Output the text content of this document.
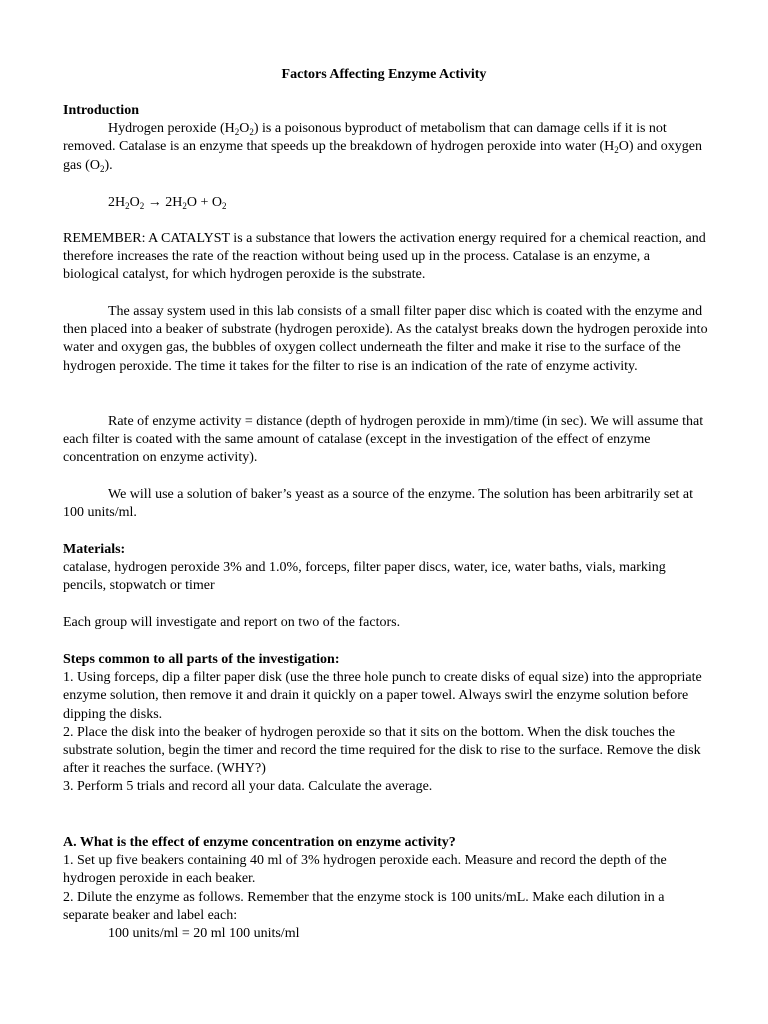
Factors Affecting Enzyme Activity

Introduction

Hydrogen peroxide $(H_2O_2)$ is a poisonous byproduct of metabolism that can damage cells if it is not removed. Catalase is an enzyme that speeds up the breakdown of hydrogen peroxide into water $(H_2O)$ and oxygen gas $(O_2)$.

$2H_2O_2 \to 2H_2O + O_2$

REMEMBER: A CATALYST is a substance that lowers the activation energy required for a chemical reaction, and therefore increases the rate of the reaction without being used up in the process. Catalase is an enzyme, a biological catalyst, for which hydrogen peroxide is the substrate.
The assay system used in this lab consists of a small filter paper disc which is coated with the enzyme and then placed into a beaker of substrate (hydrogen peroxide). As the catalyst breaks down the hydrogen peroxide into water and oxygen gas, the bubbles of oxygen collect underneath the filter and make it rise to the surface of the hydrogen peroxide. The time it takes for the filter to rise is an indication of the rate of enzyme activity.
Rate of enzyme activity = distance (depth of hydrogen peroxide in mm)/time (in sec). We will assume that each filter is coated with the same amount of catalase (except in the investigation of the effect of enzyme concentration on enzyme activity).
We will use a solution of baker’s yeast as a source of the enzyme. The solution has been arbitrarily set at 100 units/ml.

Materials:

catalase, hydrogen peroxide 3% and 1.0%, forceps, filter paper discs, water, ice, water baths, vials, marking pencils, stopwatch or timer

Each group will investigate and report on two of the factors.

Steps common to all parts of the investigation:

1. Using forceps, dip a filter paper disk (use the three hole punch to create disks of equal size) into the appropriate enzyme solution, then remove it and drain it quickly on a paper towel. Always swirl the enzyme solution before dipping the disks.

2. Place the disk into the beaker of hydrogen peroxide so that it sits on the bottom. When the disk touches the substrate solution, begin the timer and record the time required for the disk to rise to the surface. Remove the disk after it reaches the surface. (WHY?)

3. Perform 5 trials and record all your data. Calculate the average.

A. What is the effect of enzyme concentration on enzyme activity?

1. Set up five beakers containing 40 ml of 3% hydrogen peroxide each. Measure and record the depth of the hydrogen peroxide in each beaker.

2. Dilute the enzyme as follows. Remember that the enzyme stock is 100 units/mL. Make each dilution in a separate beaker and label each:

100 units/ml = 20 ml 100 units/ml
